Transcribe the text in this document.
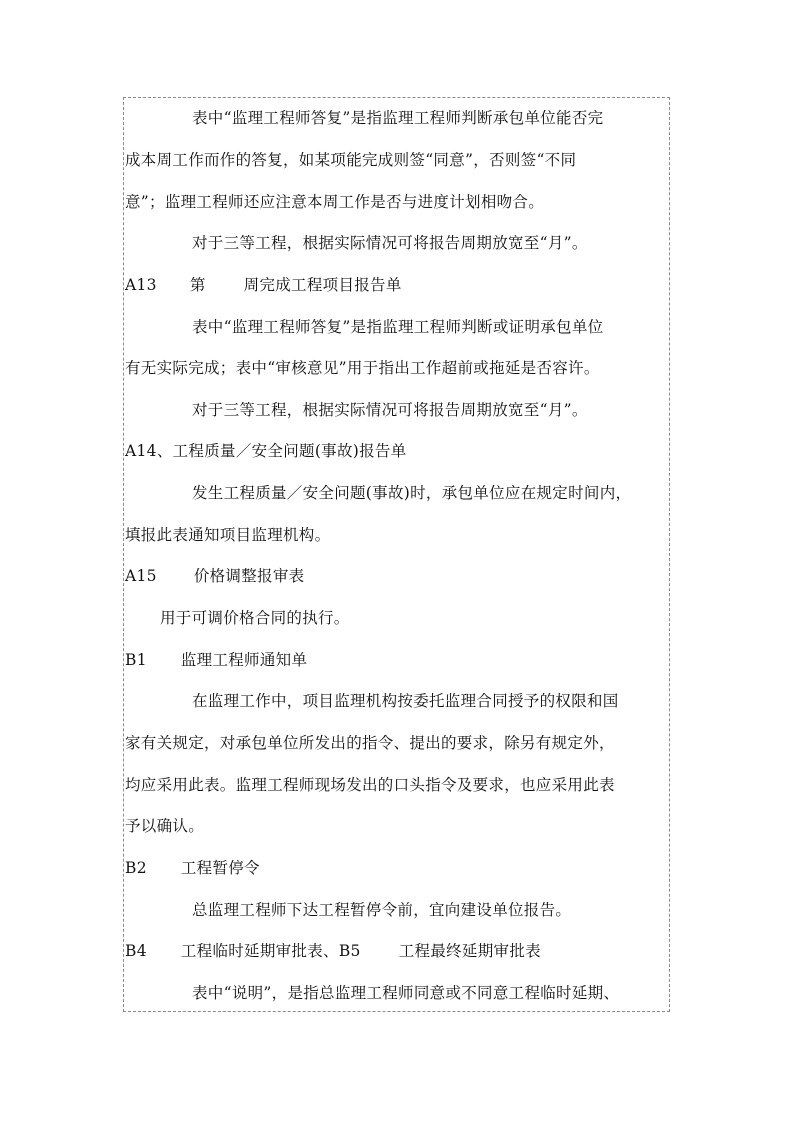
表中“监理工程师答复”是指监理工程师判断承包单位能否完
成本周工作而作的答复，如某项能完成则签“同意”，否则签“不同
意”；监理工程师还应注意本周工作是否与进度计划相吻合。
对于三等工程，根据实际情况可将报告周期放宽至“月”。
A13 第 周完成工程项目报告单
表中“监理工程师答复”是指监理工程师判断或证明承包单位
有无实际完成；表中“审核意见”用于指出工作超前或拖延是否容许。
对于三等工程，根据实际情况可将报告周期放宽至“月”。
A14、工程质量／安全问题(事故)报告单
发生工程质量／安全问题(事故)时，承包单位应在规定时间内，
填报此表通知项目监理机构。
A15 价格调整报审表
用于可调价格合同的执行。
B1 监理工程师通知单
在监理工作中，项目监理机构按委托监理合同授予的权限和国
家有关规定，对承包单位所发出的指令、提出的要求，除另有规定外，
均应采用此表。监理工程师现场发出的口头指令及要求，也应采用此表
予以确认。
B2 工程暂停令
总监理工程师下达工程暂停令前，宜向建设单位报告。
B4 工程临时延期审批表、B5 工程最终延期审批表
表中“说明”，是指总监理工程师同意或不同意工程临时延期、
